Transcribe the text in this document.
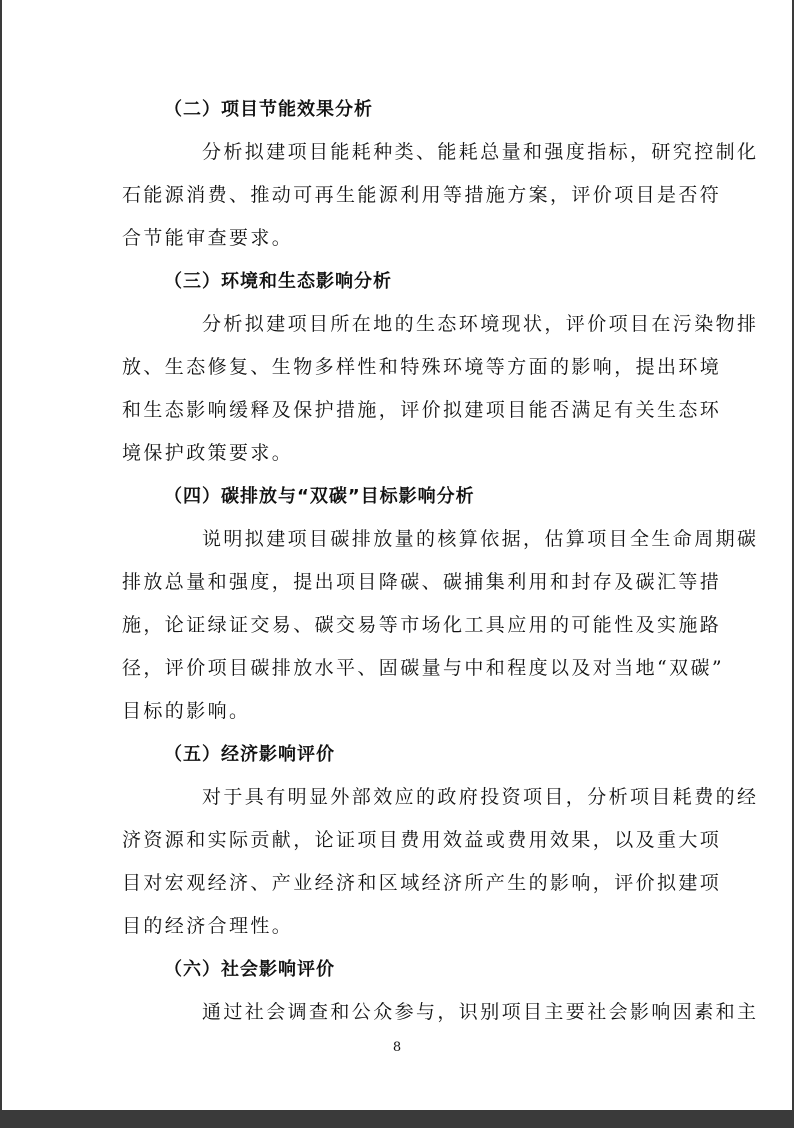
（二）项目节能效果分析

分析拟建项目能耗种类、能耗总量和强度指标，研究控制化
石能源消费、推动可再生能源利用等措施方案，评价项目是否符
合节能审查要求。

（三）环境和生态影响分析

分析拟建项目所在地的生态环境现状，评价项目在污染物排
放、生态修复、生物多样性和特殊环境等方面的影响，提出环境
和生态影响缓释及保护措施，评价拟建项目能否满足有关生态环
境保护政策要求。

（四）碳排放与“双碳”目标影响分析

说明拟建项目碳排放量的核算依据，估算项目全生命周期碳
排放总量和强度，提出项目降碳、碳捕集利用和封存及碳汇等措
施，论证绿证交易、碳交易等市场化工具应用的可能性及实施路
径，评价项目碳排放水平、固碳量与中和程度以及对当地“双碳”
目标的影响。

（五）经济影响评价

对于具有明显外部效应的政府投资项目，分析项目耗费的经
济资源和实际贡献，论证项目费用效益或费用效果，以及重大项
目对宏观经济、产业经济和区域经济所产生的影响，评价拟建项
目的经济合理性。

（六）社会影响评价

通过社会调查和公众参与，识别项目主要社会影响因素和主

8
